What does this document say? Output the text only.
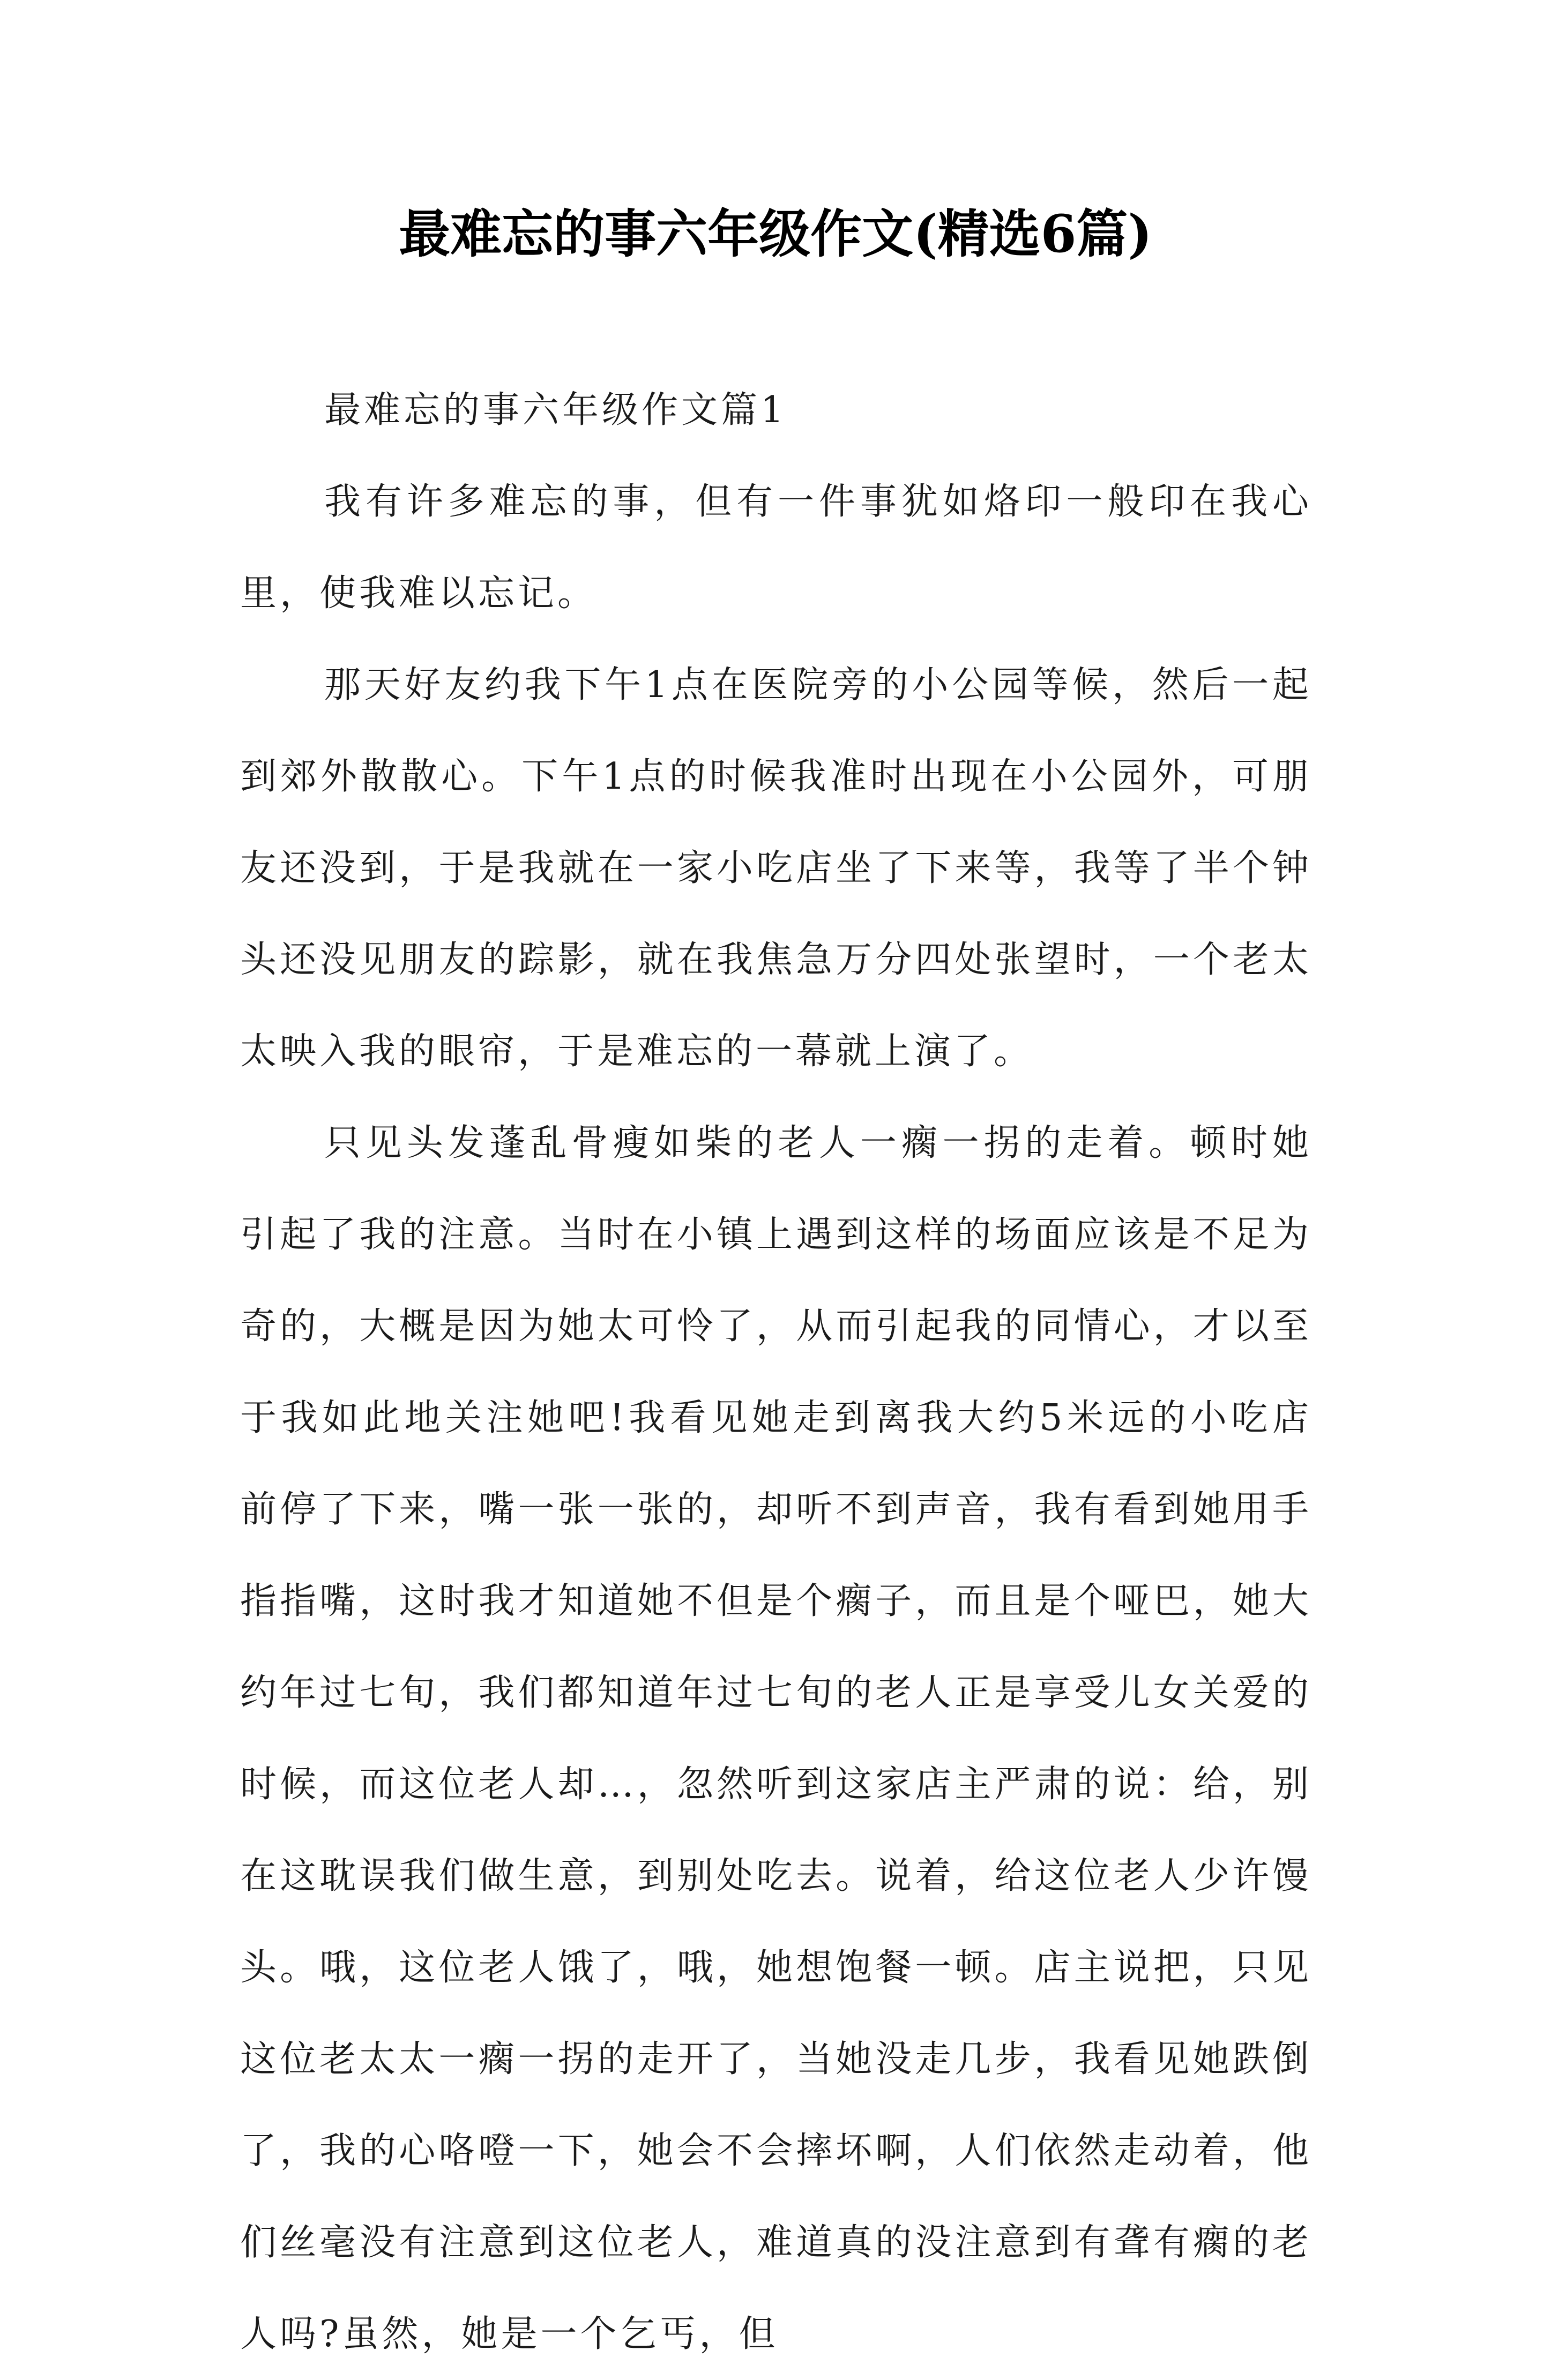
最难忘的事六年级作文(精选6篇)

最难忘的事六年级作文篇1

我有许多难忘的事，但有一件事犹如烙印一般印在我心里，使我难以忘记。

那天好友约我下午1点在医院旁的小公园等候，然后一起到郊外散散心。下午1点的时候我准时出现在小公园外，可朋友还没到，于是我就在一家小吃店坐了下来等，我等了半个钟头还没见朋友的踪影，就在我焦急万分四处张望时，一个老太太映入我的眼帘，于是难忘的一幕就上演了。

只见头发蓬乱骨瘦如柴的老人一瘸一拐的走着。顿时她引起了我的注意。当时在小镇上遇到这样的场面应该是不足为奇的，大概是因为她太可怜了，从而引起我的同情心，才以至于我如此地关注她吧!我看见她走到离我大约5米远的小吃店前停了下来，嘴一张一张的，却听不到声音，我有看到她用手指指嘴，这时我才知道她不但是个瘸子，而且是个哑巴，她大约年过七旬，我们都知道年过七旬的老人正是享受儿女关爱的时候，而这位老人却…，忽然听到这家店主严肃的说：给，别在这耽误我们做生意，到别处吃去。说着，给这位老人少许馒头。哦，这位老人饿了，哦，她想饱餐一顿。店主说把，只见这位老太太一瘸一拐的走开了，当她没走几步，我看见她跌倒了，我的心咯噔一下，她会不会摔坏啊，人们依然走动着，他们丝毫没有注意到这位老人，难道真的没注意到有聋有瘸的老人吗?虽然，她是一个乞丐，但
